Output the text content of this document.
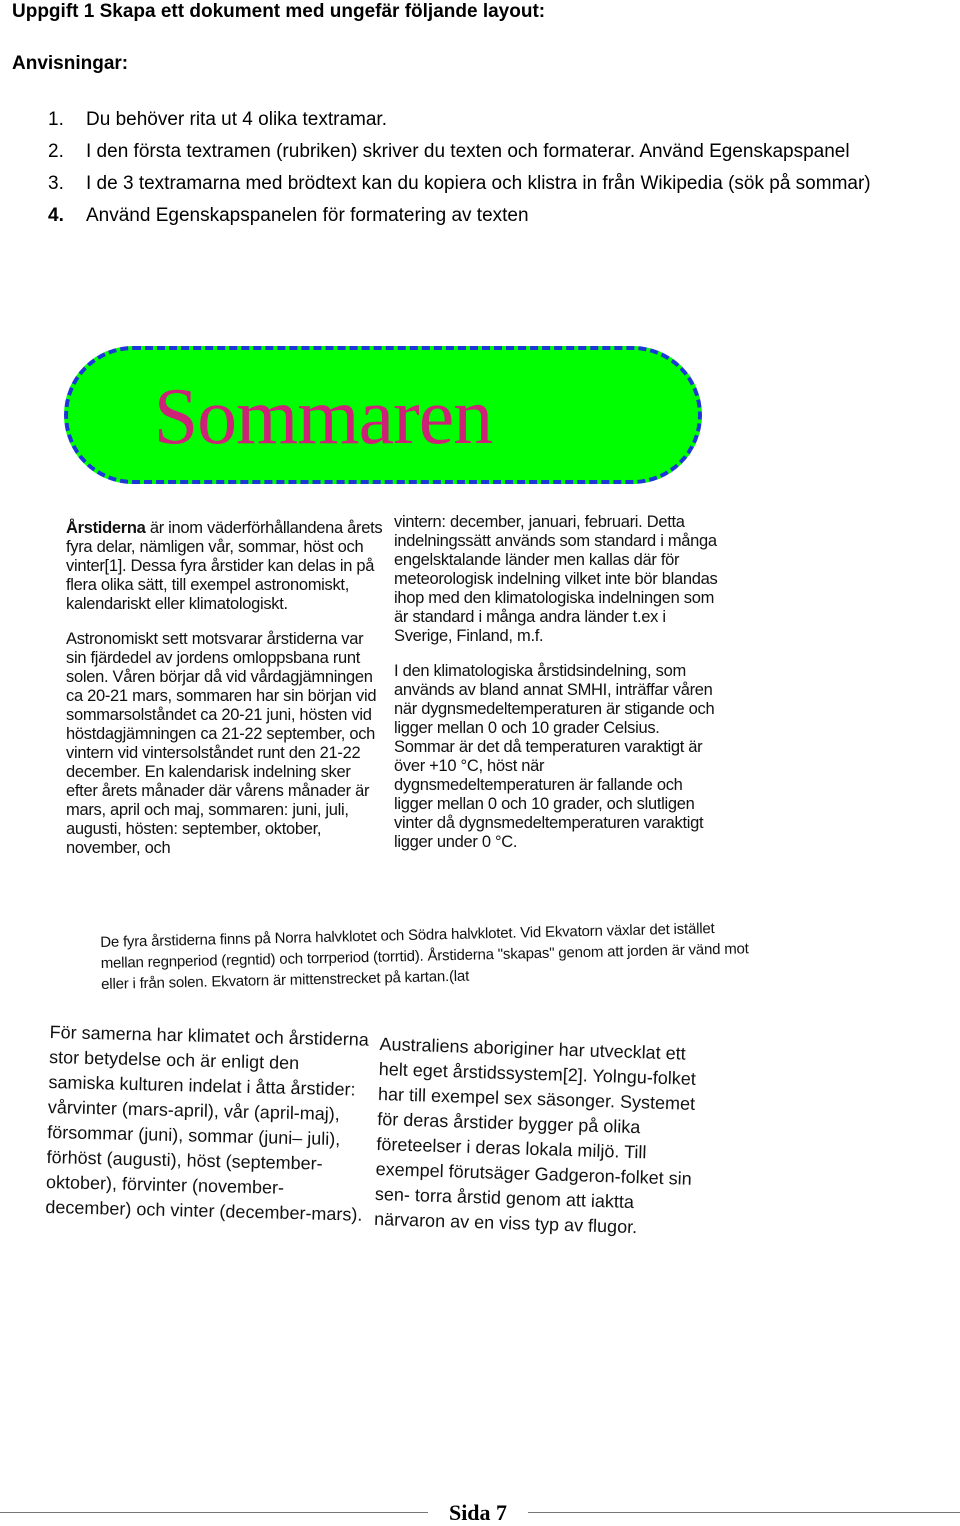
Uppgift 1 Skapa ett dokument med ungefär följande layout:
Anvisningar:
1. Du behöver rita ut 4 olika textramar.
2. I den första textramen (rubriken) skriver du texten och formaterar. Använd Egenskapspanel
3. I de 3 textramarna med brödtext kan du kopiera och klistra in från Wikipedia (sök på sommar)
4. Använd Egenskapspanelen för formatering av texten
Sommaren

Årstiderna är inom väderförhållandena årets fyra delar, nämligen vår, sommar, höst och vinter[1]. Dessa fyra årstider kan delas in på flera olika sätt, till exempel astronomiskt, kalendariskt eller klimatologiskt.

Astronomiskt sett motsvarar årstiderna var sin fjärdedel av jordens omloppsbana runt solen. Våren börjar då vid vårdagjämningen ca 20-21 mars, sommaren har sin början vid sommarsolståndet ca 20-21 juni, hösten vid höstdagjämningen ca 21-22 september, och vintern vid vintersolståndet runt den 21-22 december. En kalendarisk indelning sker efter årets månader där vårens månader är mars, april och maj, sommaren: juni, juli, augusti, hösten: september, oktober, november, och

vintern: december, januari, februari. Detta indelningssätt används som standard i många engelsktalande länder men kallas där för meteorologisk indelning vilket inte bör blandas ihop med den klimatologiska indelningen som är standard i många andra länder t.ex i Sverige, Finland, m.f.

I den klimatologiska årstidsindelning, som används av bland annat SMHI, inträffar våren när dygnsmedeltemperaturen är stigande och ligger mellan 0 och 10 grader Celsius. Sommar är det då temperaturen varaktigt är över +10 °C, höst när dygnsmedeltemperaturen är fallande och ligger mellan 0 och 10 grader, och slutligen vinter då dygnsmedeltemperaturen varaktigt ligger under 0 °C.

De fyra årstiderna finns på Norra halvklotet och Södra halvklotet. Vid Ekvatorn växlar det istället mellan regnperiod (regntid) och torrperiod (torrtid). Årstiderna "skapas" genom att jorden är vänd mot eller i från solen. Ekvatorn är mittenstrecket på kartan.(lat
För samerna har klimatet och årstiderna stor betydelse och är enligt den samiska kulturen indelat i åtta årstider: vårvinter (mars-april), vår (april-maj), försommar (juni), sommar (juni– juli), förhöst (augusti), höst (september-oktober), förvinter (november-december) och vinter (december-mars).
Australiens aboriginer har utvecklat ett helt eget årstidssystem[2]. Yolngu-folket har till exempel sex säsonger. Systemet för deras årstider bygger på olika företeelser i deras lokala miljö. Till exempel förutsäger Gadgeron-folket sin sen- torra årstid genom att iaktta närvaron av en viss typ av flugor.
Sida 7
